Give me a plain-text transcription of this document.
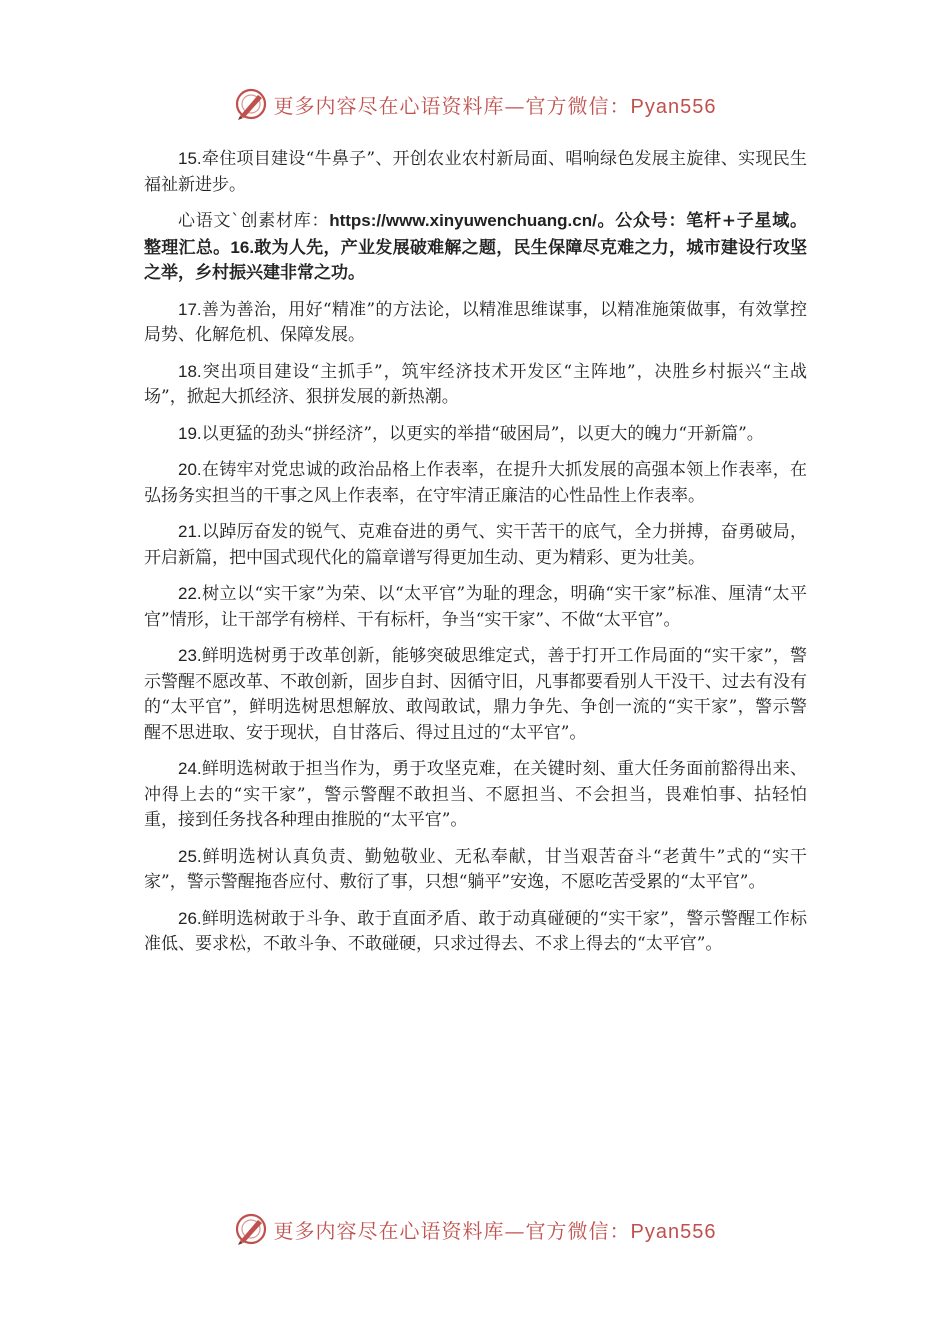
更多内容尽在心语资料库—官方微信：Pyan556

15.牵住项目建设“牛鼻子”、开创农业农村新局面、唱响绿色发展主旋律、实现民生福祉新进步。

心语文`创素材库：https://www.xinyuwenchuang.cn/。公众号：笔杆+子星域。整理汇总。16.敢为人先，产业发展破难解之题，民生保障尽克难之力，城市建设行攻坚之举，乡村振兴建非常之功。

17.善为善治，用好“精准”的方法论，以精准思维谋事，以精准施策做事，有效掌控局势、化解危机、保障发展。

18.突出项目建设“主抓手”，筑牢经济技术开发区“主阵地”，决胜乡村振兴“主战场”，掀起大抓经济、狠拼发展的新热潮。

19.以更猛的劲头“拼经济”，以更实的举措“破困局”，以更大的魄力“开新篇”。

20.在铸牢对党忠诚的政治品格上作表率，在提升大抓发展的高强本领上作表率，在弘扬务实担当的干事之风上作表率，在守牢清正廉洁的心性品性上作表率。

21.以踔厉奋发的锐气、克难奋进的勇气、实干苦干的底气，全力拼搏，奋勇破局，开启新篇，把中国式现代化的篇章谱写得更加生动、更为精彩、更为壮美。

22.树立以“实干家”为荣、以“太平官”为耻的理念，明确“实干家”标准、厘清“太平官”情形，让干部学有榜样、干有标杆，争当“实干家”、不做“太平官”。

23.鲜明选树勇于改革创新，能够突破思维定式，善于打开工作局面的“实干家”，警示警醒不愿改革、不敢创新，固步自封、因循守旧，凡事都要看别人干没干、过去有没有的“太平官”，鲜明选树思想解放、敢闯敢试，鼎力争先、争创一流的“实干家”，警示警醒不思进取、安于现状，自甘落后、得过且过的“太平官”。

24.鲜明选树敢于担当作为，勇于攻坚克难，在关键时刻、重大任务面前豁得出来、冲得上去的“实干家”，警示警醒不敢担当、不愿担当、不会担当，畏难怕事、拈轻怕重，接到任务找各种理由推脱的“太平官”。

25.鲜明选树认真负责、勤勉敬业、无私奉献，甘当艰苦奋斗“老黄牛”式的“实干家”，警示警醒拖沓应付、敷衍了事，只想“躺平”安逸，不愿吃苦受累的“太平官”。

26.鲜明选树敢于斗争、敢于直面矛盾、敢于动真碰硬的“实干家”，警示警醒工作标准低、要求松，不敢斗争、不敢碰硬，只求过得去、不求上得去的“太平官”。

更多内容尽在心语资料库—官方微信：Pyan556
